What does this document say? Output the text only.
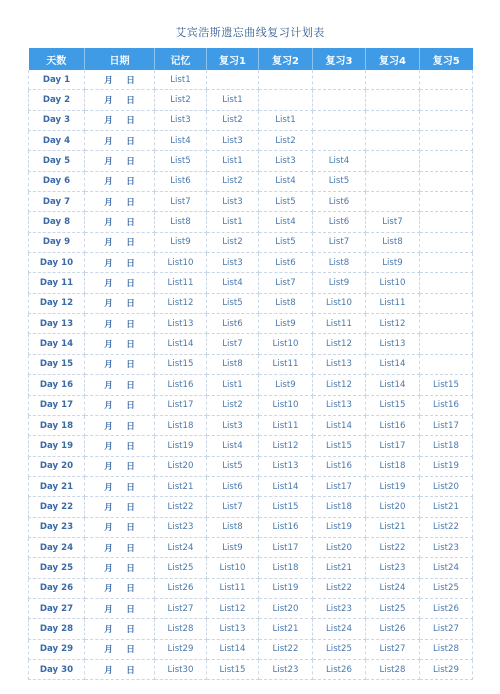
艾宾浩斯遗忘曲线复习计划表
天数	日期	记忆	复习1	复习2	复习3	复习4	复习5
Day 1	月 日	List1					
Day 2	月 日	List2	List1				
Day 3	月 日	List3	List2	List1			
Day 4	月 日	List4	List3	List2			
Day 5	月 日	List5	List1	List3	List4		
Day 6	月 日	List6	List2	List4	List5		
Day 7	月 日	List7	List3	List5	List6		
Day 8	月 日	List8	List1	List4	List6	List7	
Day 9	月 日	List9	List2	List5	List7	List8	
Day 10	月 日	List10	List3	List6	List8	List9	
Day 11	月 日	List11	List4	List7	List9	List10	
Day 12	月 日	List12	List5	List8	List10	List11	
Day 13	月 日	List13	List6	List9	List11	List12	
Day 14	月 日	List14	List7	List10	List12	List13	
Day 15	月 日	List15	List8	List11	List13	List14	
Day 16	月 日	List16	List1	List9	List12	List14	List15
Day 17	月 日	List17	List2	List10	List13	List15	List16
Day 18	月 日	List18	List3	List11	List14	List16	List17
Day 19	月 日	List19	List4	List12	List15	List17	List18
Day 20	月 日	List20	List5	List13	List16	List18	List19
Day 21	月 日	List21	List6	List14	List17	List19	List20
Day 22	月 日	List22	List7	List15	List18	List20	List21
Day 23	月 日	List23	List8	List16	List19	List21	List22
Day 24	月 日	List24	List9	List17	List20	List22	List23
Day 25	月 日	List25	List10	List18	List21	List23	List24
Day 26	月 日	List26	List11	List19	List22	List24	List25
Day 27	月 日	List27	List12	List20	List23	List25	List26
Day 28	月 日	List28	List13	List21	List24	List26	List27
Day 29	月 日	List29	List14	List22	List25	List27	List28
Day 30	月 日	List30	List15	List23	List26	List28	List29
